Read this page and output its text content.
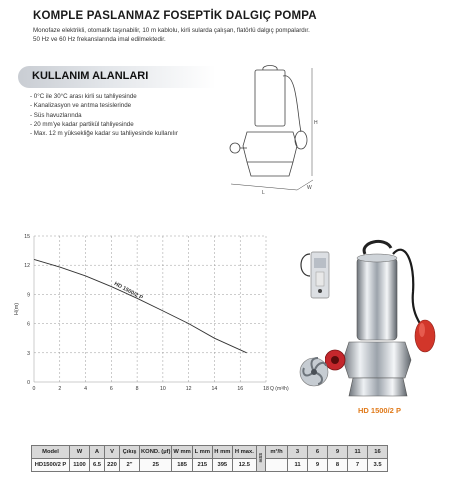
KOMPLE PASLANMAZ FOSEPTİK DALGIÇ POMPA
Monofaze elektrikli, otomatik taşınabilir, 10 m kablolu, kirli sularda çalışan, flatörlü dalgıç pompalardır.
50 Hz ve 60 Hz frekanslarında imal edilmektedir.
KULLANIM ALANLARI
- 0°C ile 30°C arası kirli su tahliyesinde
- Kanalizasyon ve arıtma tesislerinde
- Süs havuzlarında
- 20 mm'ye kadar partikül tahliyesinde
- Max. 12 m yüksekliğe kadar su tahliyesinde kullanılır
H
W
L
0	2	4	6	8	10	12	14	16	18
0
3
6
9
12
15
HD 1500/2 P
H(m)
Q (m³/h)
HD 1500/2 P
Model	W	A	V	Çıkış	KOND. (µf)	W mm	L mm	H mm	H max.	mSS	m³/h	3	6	9	11	16
HD1500/2 P	1100	6.5	220	2"	25	185	215	395	12.5			11	9	8	7	3.5
